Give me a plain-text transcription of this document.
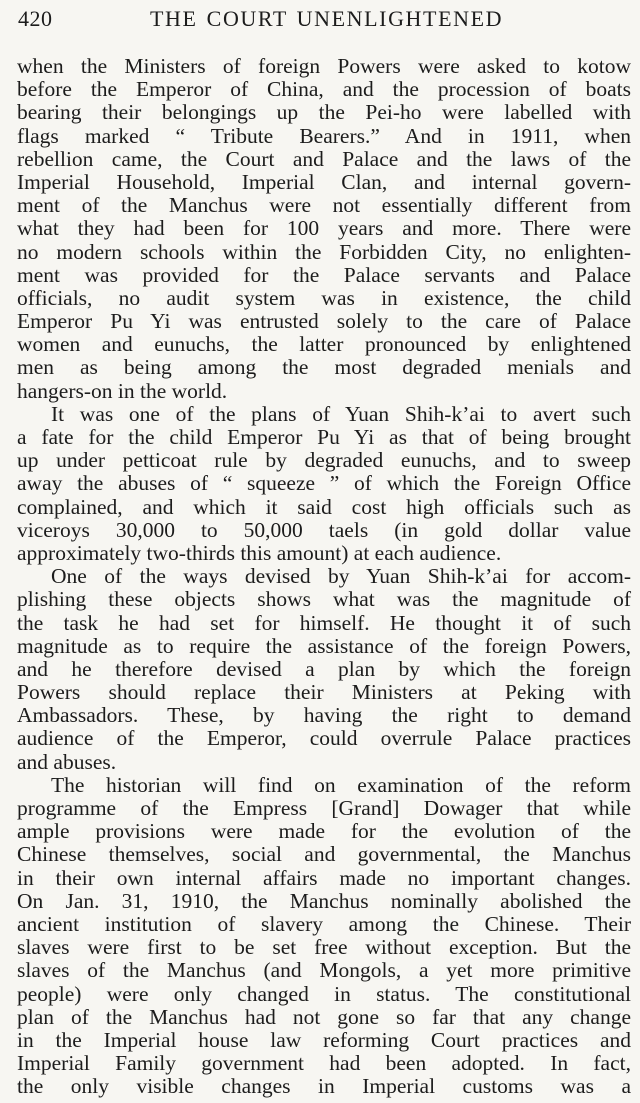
420	THE COURT UNENLIGHTENED
when the Ministers of foreign Powers were asked to kotow
before the Emperor of China, and the procession of boats
bearing their belongings up the Pei-ho were labelled with
flags marked “ Tribute Bearers.” And in 1911, when
rebellion came, the Court and Palace and the laws of the
Imperial Household, Imperial Clan, and internal govern-
ment of the Manchus were not essentially different from
what they had been for 100 years and more. There were
no modern schools within the Forbidden City, no enlighten-
ment was provided for the Palace servants and Palace
officials, no audit system was in existence, the child
Emperor Pu Yi was entrusted solely to the care of Palace
women and eunuchs, the latter pronounced by enlightened
men as being among the most degraded menials and
hangers-on in the world.
It was one of the plans of Yuan Shih-k’ai to avert such
a fate for the child Emperor Pu Yi as that of being brought
up under petticoat rule by degraded eunuchs, and to sweep
away the abuses of “ squeeze ” of which the Foreign Office
complained, and which it said cost high officials such as
viceroys 30,000 to 50,000 taels (in gold dollar value
approximately two-thirds this amount) at each audience.
One of the ways devised by Yuan Shih-k’ai for accom-
plishing these objects shows what was the magnitude of
the task he had set for himself. He thought it of such
magnitude as to require the assistance of the foreign Powers,
and he therefore devised a plan by which the foreign
Powers should replace their Ministers at Peking with
Ambassadors. These, by having the right to demand
audience of the Emperor, could overrule Palace practices
and abuses.
The historian will find on examination of the reform
programme of the Empress [Grand] Dowager that while
ample provisions were made for the evolution of the
Chinese themselves, social and governmental, the Manchus
in their own internal affairs made no important changes.
On Jan. 31, 1910, the Manchus nominally abolished the
ancient institution of slavery among the Chinese. Their
slaves were first to be set free without exception. But the
slaves of the Manchus (and Mongols, a yet more primitive
people) were only changed in status. The constitutional
plan of the Manchus had not gone so far that any change
in the Imperial house law reforming Court practices and
Imperial Family government had been adopted. In fact,
the only visible changes in Imperial customs was a
